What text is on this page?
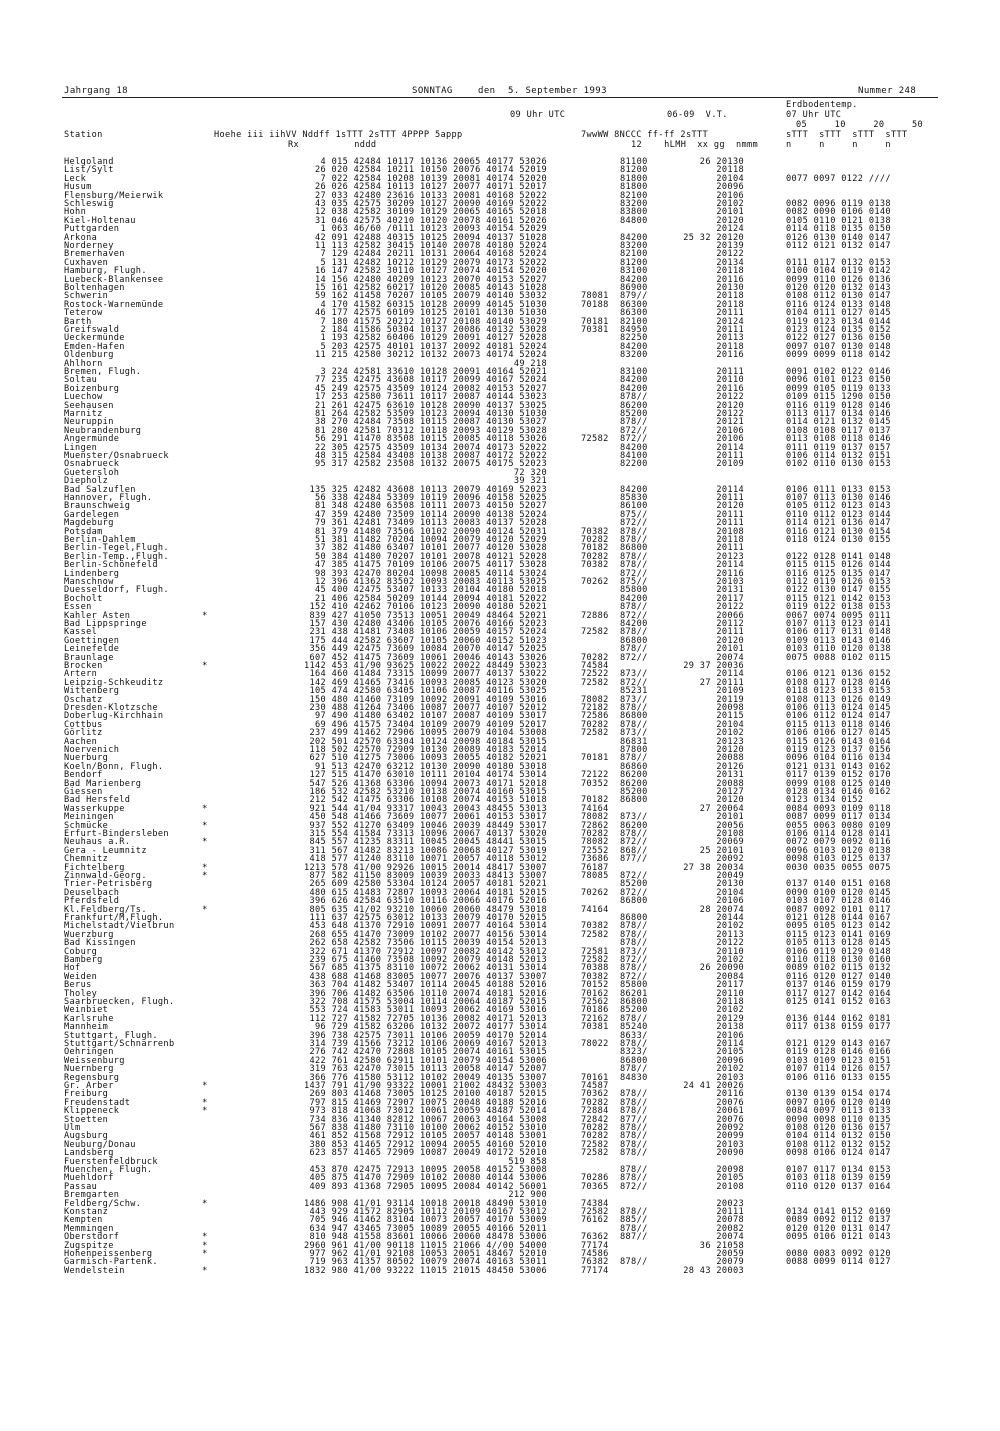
Jahrgang 18	SONNTAG	den 5. September 1993	Nummer 248
Erdbodentemp.
07 Uhr UTC
09 Uhr UTC	06-09  V.T.
05     10     20     50
Station	Hoehe iii iihVV Nddff 1sTTT 2sTTT 4PPPP 5appp	7wwWW 8NCCC ff-ff 2sTTT	sTTT  sTTT  sTTT  sTTT
Rx          nddd	12    hLMH  xx gg  nmmm	n     n     n     n
Helgoland	4 015 42484 10117 10136 20065 40177 53026	81100	26 20130
List/Sylt	26 020 42584 10211 10150 20076 40174 52019	81200	20118
Leck	7 022 42584 10208 10139 20081 40174 52020	81800	20104	0077 0097 0122 ////
Husum	26 026 42584 10113 10127 20077 40171 52017	81800	20096
Flensburg/Meierwik	27 033 42480 23616 10133 20081 40168 52022	82100	20106
Schleswig	43 035 42575 30209 10127 20090 40169 52022	83200	20102	0082 0096 0119 0138
Hohn	12 038 42582 30109 10129 20065 40165 52018	83800	20101	0082 0090 0106 0140
Kiel-Holtenau	31 046 42575 40210 10120 20078 40161 52026	84800	20120	0105 0110 0121 0138
Puttgarden	1 063 46/60 /0111 10123 20093 40154 52029	20124	0114 0118 0135 0150
Arkona	42 091 42488 40315 10125 20094 40137 51028	84200	25 32 20120	0126 0130 0140 0147
Norderney	11 113 42582 30415 10140 20078 40180 52024	83200	20139	0112 0121 0132 0147
Bremerhaven	7 129 42484 20211 10131 20064 40168 52024	82100	20122
Cuxhaven	5 131 42482 10212 10129 20079 40173 52022	81200	20134	0111 0117 0132 0153
Hamburg, Flugh.	16 147 42582 30110 10127 20074 40154 52020	83100	20118	0100 0104 0119 0142
Luebeck-Blankensee	14 156 42480 40209 10123 20070 40153 52027	84200	20116	0099 0110 0126 0136
Boltenhagen	15 161 42582 60217 10120 20085 40143 51028	86900	20130	0120 0120 0132 0143
Schwerin	59 162 41458 70207 10105 20079 40140 53032	78081 879//	20118	0108 0112 0130 0147
Rostock-Warnemünde	4 170 41582 60315 10128 20099 40145 51030	70188 86300	20118	0116 0124 0133 0148
Teterow	46 177 42575 60109 10125 20101 40130 51030	86300	20111	0104 0111 0127 0145
Barth	7 180 41575 20212 10127 20108 40140 53029	70181 82100	20124	0119 0123 0134 0144
Greifswald	2 184 41586 50304 10137 20086 40132 53028	70381 84950	20111	0123 0124 0135 0152
Ueckermünde	1 193 42582 60406 10129 20091 40127 52028	82250	20113	0122 0127 0136 0150
Emden-Hafen	5 203 42575 40101 10137 20092 40181 52024	84200	20118	0097 0107 0130 0148
Oldenburg	11 215 42580 30212 10132 20073 40174 52024	83200	20116	0099 0099 0118 0142
Ahlhorn	49 218
Bremen, Flugh.	3 224 42581 33610 10128 20091 40164 52021	83100	20111	0091 0102 0122 0146
Soltau	77 235 42475 43608 10117 20099 40167 52024	84200	20110	0096 0101 0123 0150
Boizenburg	45 249 42575 43509 10124 20082 40153 52027	84200	20116	0099 0105 0119 0133
Luechow	17 253 42580 73611 10117 20087 40144 53023	878//	20122	0109 0115 1290 0150
Seehausen	21 261 42475 63610 10128 20090 40137 53025	86200	20120	0116 0119 0128 0146
Marnitz	81 264 42582 53509 10123 20094 40130 51030	85200	20122	0113 0117 0134 0146
Neuruppin	38 270 42484 73508 10115 20087 40130 53027	878//	20121	0114 0121 0132 0145
Neubrandenburg	81 280 42581 70312 10118 20093 40129 53028	872//	20106	0108 0108 0117 0137
Angermünde	56 291 41470 83508 10115 20085 40118 53026	72582 872//	20106	0113 0108 0118 0146
Lingen	22 305 42575 43509 10134 20074 40173 52022	84200	20114	0111 0119 0137 0157
Muenster/Osnabrueck	48 315 42584 43408 10138 20087 40172 52022	84100	20111	0106 0114 0132 0151
Osnabrueck	95 317 42582 23508 10132 20075 40175 52023	82200	20109	0102 0110 0130 0153
Guetersloh	72 320
Diepholz	39 321
Bad Salzuflen	135 325 42482 43608 10113 20079 40169 52023	84200	20114	0106 0111 0133 0153
Hannover, Flugh.	56 338 42484 53309 10119 20096 40158 52025	85830	20111	0107 0113 0130 0146
Braunschweig	81 348 42480 63508 10111 20073 40150 52027	86100	20120	0105 0112 0123 0143
Gardelegen	47 359 42480 73509 10114 20090 40138 52024	875//	20111	0110 0112 0123 0144
Magdeburg	79 361 42481 73409 10113 20083 40137 52028	872//	20111	0114 0121 0136 0147
Potsdam	81 379 41480 73506 10102 20090 40124 52031	70382 878//	20108	0116 0121 0130 0154
Berlin-Dahlem	51 381 41482 70204 10094 20079 40120 52029	70282 878//	20118	0118 0124 0130 0155
Berlin-Tegel,Flugh.	37 382 41480 63407 10101 20077 40120 53028	70182 86800	20111
Berlin-Temp.,Flugh.	50 384 41480 70207 10101 20078 40121 52028	70282 878//	20123	0122 0128 0141 0148
Berlin-Schönefeld	47 385 41475 70109 10106 20075 40117 53028	70382 878//	20114	0115 0115 0126 0144
Lindenberg	98 393 42470 80204 10098 20085 40114 53024	872//	20116	0116 0125 0135 0147
Manschnow	12 396 41362 83502 10093 20083 40113 53025	70262 875//	20103	0112 0119 0126 0153
Duesseldorf, Flugh.	45 400 42475 53407 10133 20104 40180 52018	85800	20131	0122 0130 0147 0155
Bocholt	21 406 42584 50209 10144 20094 40181 52022	84200	20117	0115 0121 0142 0153
Essen	152 410 42462 70106 10123 20090 40180 52021	878//	20122	0119 0122 0138 0153
Kahler Asten	*	839 427 41050 73513 10051 20049 48464 52021	72886 872//	20066	0067 0074 0095 0111
Bad Lippspringe	157 430 42480 43406 10105 20076 40166 52023	84200	20112	0107 0113 0123 0141
Kassel	231 438 41481 73408 10106 20059 40157 52024	72582 878//	20111	0106 0117 0131 0148
Goettingen	175 444 42582 63607 10105 20060 40152 51023	86800	20120	0109 0113 0143 0146
Leinefelde	356 449 42475 73609 10084 20070 40147 52025	878//	20101	0103 0110 0120 0138
Braunlage	607 452 41475 73609 10061 20046 40143 53026	70282 872//	20074	0075 0088 0102 0115
Brocken	*	1142 453 41/90 93625 10022 20022 48449 53023	74584	29 37 20036
Artern	164 460 41484 73315 10099 20077 40137 53022	72522 873//	20114	0106 0121 0136 0152
Leipzig-Schkeuditz	142 469 41465 73416 10093 20085 40123 53020	72582 872//	27 20111	0108 0117 0128 0146
Wittenberg	105 474 42580 63405 10106 20087 40116 53025	85231	20109	0118 0123 0133 0153
Oschatz	150 480 41460 73109 10092 20091 40109 53016	78082 873//	20119	0108 0113 0126 0149
Dresden-Klotzsche	230 488 41264 73406 10087 20077 40107 52012	72182 878//	20098	0106 0113 0124 0145
Doberlug-Kirchhain	97 490 41480 63402 10107 20087 40109 53017	72586 86800	20115	0106 0112 0124 0147
Cottbus	69 496 41575 73404 10109 20079 40109 52017	70282 878//	20104	0115 0113 0118 0146
Görlitz	237 499 41462 72906 10095 20079 40104 53008	72582 873//	20102	0106 0106 0127 0145
Aachen	202 501 42570 63304 10124 20098 40184 53015	86831	20123	0115 0126 0143 0164
Noervenich	118 502 42570 72909 10130 20089 40183 52014	87800	20120	0119 0123 0137 0156
Nuerburg	627 510 41275 73006 10093 20055 40182 52021	70181 878//	20088	0096 0104 0116 0134
Koeln/Bonn, Flugh.	91 513 42470 63212 10130 20090 40180 53018	86860	20126	0121 0131 0143 0162
Bendorf	127 515 41470 63010 10111 20104 40174 53014	72122 86200	20131	0117 0139 0152 0170
Bad Marienberg	547 526 41368 63306 10094 20073 40171 52018	70352 86200	20088	0099 0108 0125 0140
Giessen	186 532 42582 53210 10138 20074 40160 53015	85200	20127	0128 0134 0146 0162
Bad Hersfeld	212 542 41475 63306 10108 20074 40153 51018	70182 86800	20120	0123 0134 0152
Wasserkuppe	*	921 544 41/04 93317 10043 20043 48455 53013	74164	27 20064	0084 0093 0109 0118
Meiningen	450 548 41466 73609 10077 20061 40153 53017	78082 873//	20101	0087 0099 0117 0134
Schmücke	*	937 552 41270 63409 10046 20039 48449 53017	72862 86200	20056	0055 0063 0080 0109
Erfurt-Bindersleben	315 554 41584 73313 10096 20067 40137 53020	70282 878//	20108	0106 0114 0128 0141
Neuhaus a.R.	*	845 557 41235 83311 10045 20045 48441 53015	78082 872//	20069	0072 0079 0092 0116
Gera - Leumnitz	311 567 41482 83213 10086 20068 40127 53019	72552 868//	25 20101	0096 0103 0120 0138
Chemnitz	418 577 41240 83110 10071 20057 40118 53012	73686 877//	20092	0098 0103 0125 0137
Fichtelberg	*	1213 578 41/00 92926 10015 20014 48417 53007	76187	27 38 20034	0030 0035 0055 0075
Zinnwald-Georg.	*	877 582 41150 83009 10039 20033 48413 53007	78085 872//	20049
Trier-Petrisberg	265 609 42580 53304 10124 20057 40181 52021	85200	20130	0137 0140 0151 0168
Deuselbach	480 615 41483 72807 10093 20064 40181 52015	70262 872//	20104	0090 0100 0120 0145
Pferdsfeld	396 626 42584 63510 10116 20066 40176 52016	86800	20106	0103 0107 0128 0146
Kl.Feldberg/Ts.	*	805 635 41/02 93210 10060 20060 48479 53018	74164	28 20074	0087 0092 0101 0117
Frankfurt/M,Flugh.	111 637 42575 63012 10133 20079 40170 52015	86800	20144	0121 0128 0144 0167
Michelstadt/Vielbrun	453 648 41370 72910 10091 20077 40164 53014	70382 878//	20102	0095 0105 0123 0142
Wuerzburg	268 655 41470 73009 10102 20077 40156 53014	72582 878//	20113	0115 0123 0141 0169
Bad Kissingen	262 658 42582 73506 10115 20039 40154 52013	878//	20122	0105 0113 0128 0145
Coburg	322 671 41370 72912 10097 20082 40142 53012	72581 873//	20110	0106 0119 0129 0148
Bamberg	239 675 41460 73508 10092 20079 40148 52013	72582 872//	20102	0110 0118 0130 0160
Hof	567 685 41375 83110 10072 20062 40131 53014	70388 878//	26 20090	0089 0102 0115 0132
Weiden	438 688 41468 83005 10077 20076 40137 53007	70382 872//	20084	0116 0120 0127 0140
Berus	363 704 41482 53407 10114 20045 40188 52016	70152 85800	20117	0137 0146 0159 0179
Tholey	396 706 41482 63506 10110 20074 40181 52016	70162 86201	20110	0117 0127 0142 0164
Saarbruecken, Flugh.	322 708 41575 53004 10114 20064 40187 52015	72562 86800	20118	0125 0141 0152 0163
Weinbiet	553 724 41583 53011 10093 20062 40169 53016	70186 85200	20102
Karlsruhe	112 727 41582 72705 10136 20082 40171 52013	72162 878//	20129	0136 0144 0162 0181
Mannheim	96 729 41582 63206 10132 20072 40177 53014	70381 85240	20138	0117 0138 0159 0177
Stuttgart, Flugh.	396 738 42575 73011 10106 20059 40170 52014	8633/	20106
Stuttgart/Schnarrenb	314 739 41566 73212 10106 20069 40167 52013	78022 878//	20114	0121 0129 0143 0167
Oehringen	276 742 42470 72808 10105 20074 40161 53015	8323/	20105	0119 0128 0146 0166
Weissenburg	422 761 42580 62911 10101 20079 40154 53006	86800	20096	0103 0109 0123 0151
Nuernberg	319 763 42470 73015 10113 20058 40147 52007	878//	20102	0107 0114 0126 0157
Regensburg	366 776 41580 53112 10102 20049 40135 53007	70161 84830	20103	0106 0116 0133 0155
Gr. Arber	*	1437 791 41/90 93322 10001 21002 48432 53003	74587	24 41 20026
Freiburg	269 803 41468 73005 10125 20100 40187 52015	70362 878//	20116	0130 0139 0154 0174
Freudenstadt	*	797 815 41469 72907 10075 20048 40188 52016	70282 878//	20076	0097 0106 0120 0140
Klippeneck	*	973 818 41068 73012 10061 20059 48487 52014	72884 878//	20061	0084 0097 0113 0133
Stoetten	734 836 41340 82812 10067 20063 40164 53008	72842 877//	20076	0090 0098 0110 0135
Ulm	567 838 41480 73110 10100 20062 40152 53010	70282 878//	20092	0108 0120 0136 0157
Augsburg	461 852 41568 72912 10105 20057 40148 53001	70282 878//	20099	0104 0114 0132 0150
Neuburg/Donau	380 853 41465 72912 10094 20055 40160 52010	72582 878//	20103	0108 0112 0132 0152
Landsberg	623 857 41465 72909 10087 20049 40172 52010	72582 878//	20090	0098 0106 0124 0147
Fuerstenfeldbruck	519 858
Muenchen, Flugh.	453 870 42475 72913 10095 20058 40152 53008	878//	20098	0107 0117 0134 0153
Muehldorf	405 875 41470 72909 10102 20080 40144 53006	70286 878//	20105	0103 0118 0139 0159
Passau	409 893 41368 72905 10095 20084 40142 56001	70365 872//	20108	0110 0120 0137 0164
Bremgarten	212 900
Feldberg/Schw.	*	1486 908 41/01 93114 10018 20018 48490 53010	74384	20023
Konstanz	443 929 41572 82905 10112 20109 40167 53012	72582 878//	20111	0134 0141 0152 0169
Kempten	705 946 41462 83104 10073 20057 40170 53009	76162 885//	20078	0089 0092 0112 0137
Memmingen	634 947 43465 73005 10089 20055 40166 52011	878//	20082	0120 0120 0131 0147
Oberstdorf	*	810 948 41558 83601 10066 20060 48478 53006	76362 887//	20074	0095 0106 0121 0143
Zugspitze	*	2960 961 41/00 90118 11015 21066 4//00 54000	77174	36 21058
Hohenpeissenberg	*	977 962 41/01 92108 10053 20051 48467 52010	74586	20059	0080 0083 0092 0120
Garmisch-Partenk.	719 963 41357 80502 10079 20074 40163 53011	76382 878//	20079	0088 0099 0114 0127
Wendelstein	*	1832 980 41/00 93222 11015 21015 48450 53006	77174	28 43 20003
